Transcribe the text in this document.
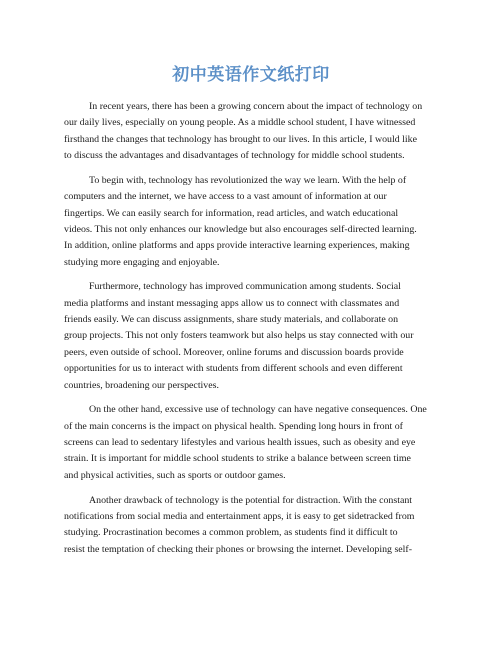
初中英语作文纸打印
In recent years, there has been a growing concern about the impact of technology on
our daily lives, especially on young people. As a middle school student, I have witnessed
firsthand the changes that technology has brought to our lives. In this article, I would like
to discuss the advantages and disadvantages of technology for middle school students.
To begin with, technology has revolutionized the way we learn. With the help of
computers and the internet, we have access to a vast amount of information at our
fingertips. We can easily search for information, read articles, and watch educational
videos. This not only enhances our knowledge but also encourages self-directed learning.
In addition, online platforms and apps provide interactive learning experiences, making
studying more engaging and enjoyable.
Furthermore, technology has improved communication among students. Social
media platforms and instant messaging apps allow us to connect with classmates and
friends easily. We can discuss assignments, share study materials, and collaborate on
group projects. This not only fosters teamwork but also helps us stay connected with our
peers, even outside of school. Moreover, online forums and discussion boards provide
opportunities for us to interact with students from different schools and even different
countries, broadening our perspectives.
On the other hand, excessive use of technology can have negative consequences. One
of the main concerns is the impact on physical health. Spending long hours in front of
screens can lead to sedentary lifestyles and various health issues, such as obesity and eye
strain. It is important for middle school students to strike a balance between screen time
and physical activities, such as sports or outdoor games.
Another drawback of technology is the potential for distraction. With the constant
notifications from social media and entertainment apps, it is easy to get sidetracked from
studying. Procrastination becomes a common problem, as students find it difficult to
resist the temptation of checking their phones or browsing the internet. Developing self-
